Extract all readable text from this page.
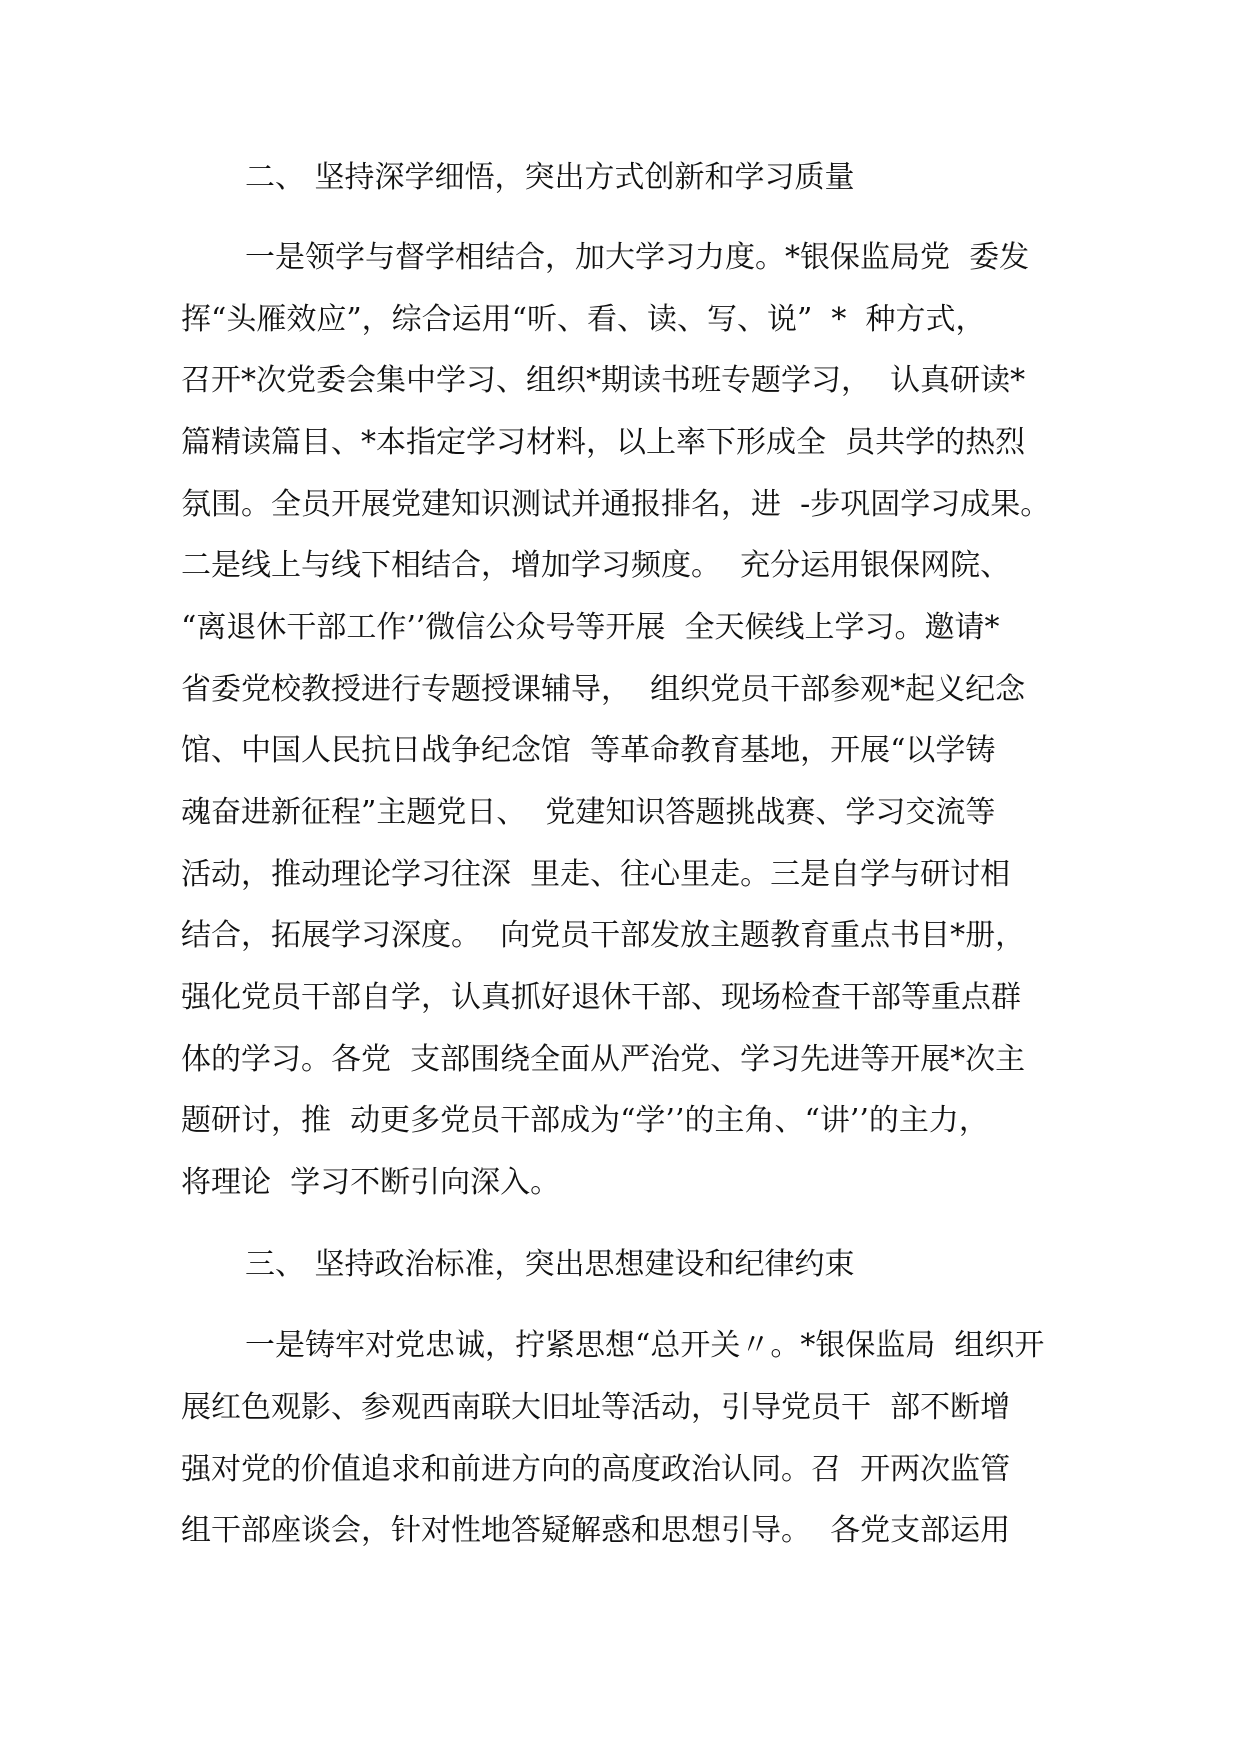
二、 坚持深学细悟，突出方式创新和学习质量
一是领学与督学相结合，加大学习力度。*银保监局党  委发
挥“头雁效应”，综合运用“听、看、读、写、说”  *  种方式，
召开*次党委会集中学习、组织*期读书班专题学习，  认真研读*
篇精读篇目、*本指定学习材料，以上率下形成全  员共学的热烈
氛围。全员开展党建知识测试并通报排名，进  -步巩固学习成果。
二是线上与线下相结合，增加学习频度。  充分运用银保网院、
“离退休干部工作’’微信公众号等开展  全天候线上学习。邀请*
省委党校教授进行专题授课辅导，  组织党员干部参观*起义纪念
馆、中国人民抗日战争纪念馆  等革命教育基地，开展“以学铸
魂奋进新征程”主题党日、  党建知识答题挑战赛、学习交流等
活动，推动理论学习往深  里走、往心里走。三是自学与研讨相
结合，拓展学习深度。  向党员干部发放主题教育重点书目*册，
强化党员干部自学，认真抓好退休干部、现场检查干部等重点群
体的学习。各党  支部围绕全面从严治党、学习先进等开展*次主
题研讨，推  动更多党员干部成为“学’’的主角、“讲’’的主力，
将理论  学习不断引向深入。
三、 坚持政治标准，突出思想建设和纪律约束
一是铸牢对党忠诚，拧紧思想“总开关〃。*银保监局  组织开
展红色观影、参观西南联大旧址等活动，引导党员干  部不断增
强对党的价值追求和前进方向的高度政治认同。召  开两次监管
组干部座谈会，针对性地答疑解惑和思想引导。  各党支部运用
